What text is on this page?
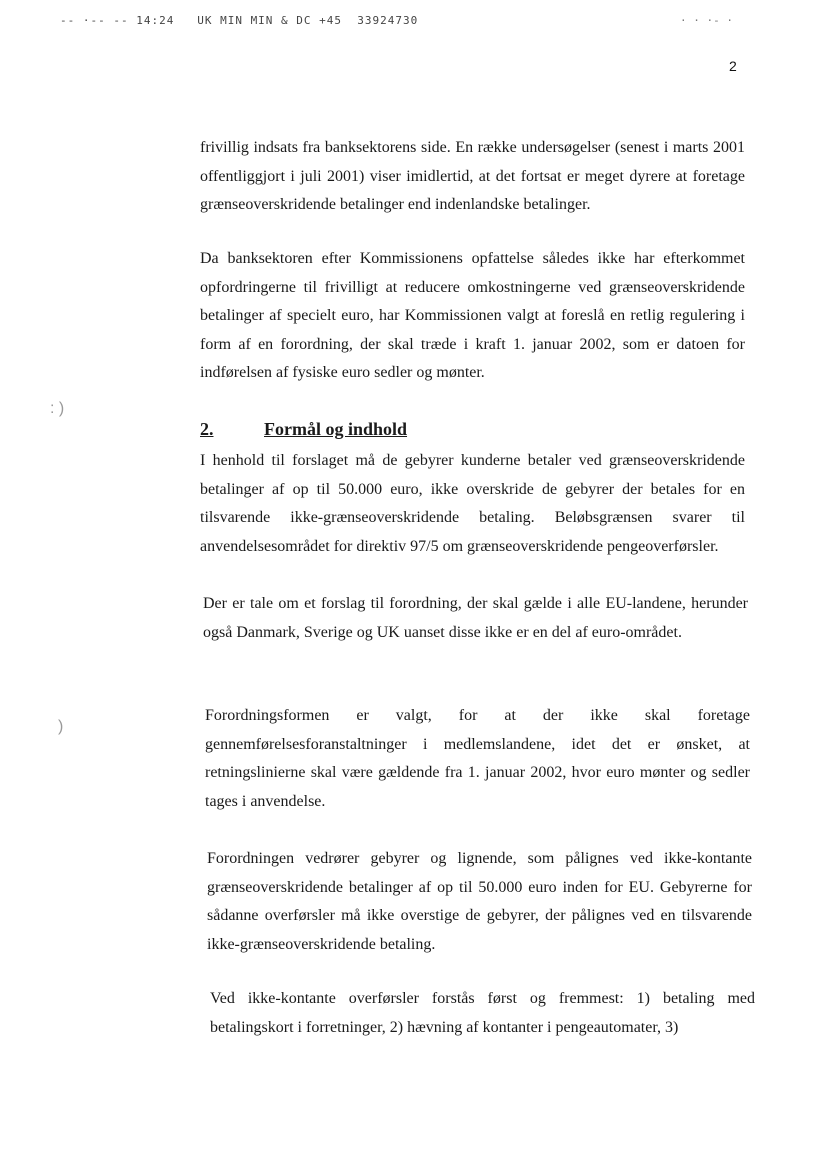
-- ·-- -- 14:24   UK MIN MIN & DC +45  33924730	· · ·- ·
2
: )
)

frivillig indsats fra banksektorens side. En række undersøgelser (senest i marts 2001 offentliggjort i juli 2001) viser imidlertid, at det fortsat er meget dyrere at foretage grænseoverskridende betalinger end indenlandske betalinger.

Da banksektoren efter Kommissionens opfattelse således ikke har efterkommet opfordringerne til frivilligt at reducere omkostningerne ved grænseoverskridende betalinger af specielt euro, har Kommissionen valgt at foreslå en retlig regulering i form af en forordning, der skal træde i kraft 1. januar 2002, som er datoen for indførelsen af fysiske euro sedler og mønter.

2.	Formål og indhold

I henhold til forslaget må de gebyrer kunderne betaler ved grænseoverskridende betalinger af op til 50.000 euro, ikke overskride de gebyrer der betales for en tilsvarende ikke-grænseoverskridende betaling. Beløbsgrænsen svarer til anvendelsesområdet for direktiv 97/5 om grænseoverskridende pengeoverførsler.

Der er tale om et forslag til forordning, der skal gælde i alle EU-landene, herunder også Danmark, Sverige og UK uanset disse ikke er en del af euro-området.

Forordningsformen er valgt, for at der ikke skal foretage gennemførelsesforanstaltninger i medlemslandene, idet det er ønsket, at retningslinierne skal være gældende fra 1. januar 2002, hvor euro mønter og sedler tages i anvendelse.

Forordningen vedrører gebyrer og lignende, som pålignes ved ikke-kontante grænseoverskridende betalinger af op til 50.000 euro inden for EU. Gebyrerne for sådanne overførsler må ikke overstige de gebyrer, der pålignes ved en tilsvarende ikke-grænseoverskridende betaling.

Ved ikke-kontante overførsler forstås først og fremmest: 1) betaling med betalingskort i forretninger, 2) hævning af kontanter i pengeautomater, 3)
